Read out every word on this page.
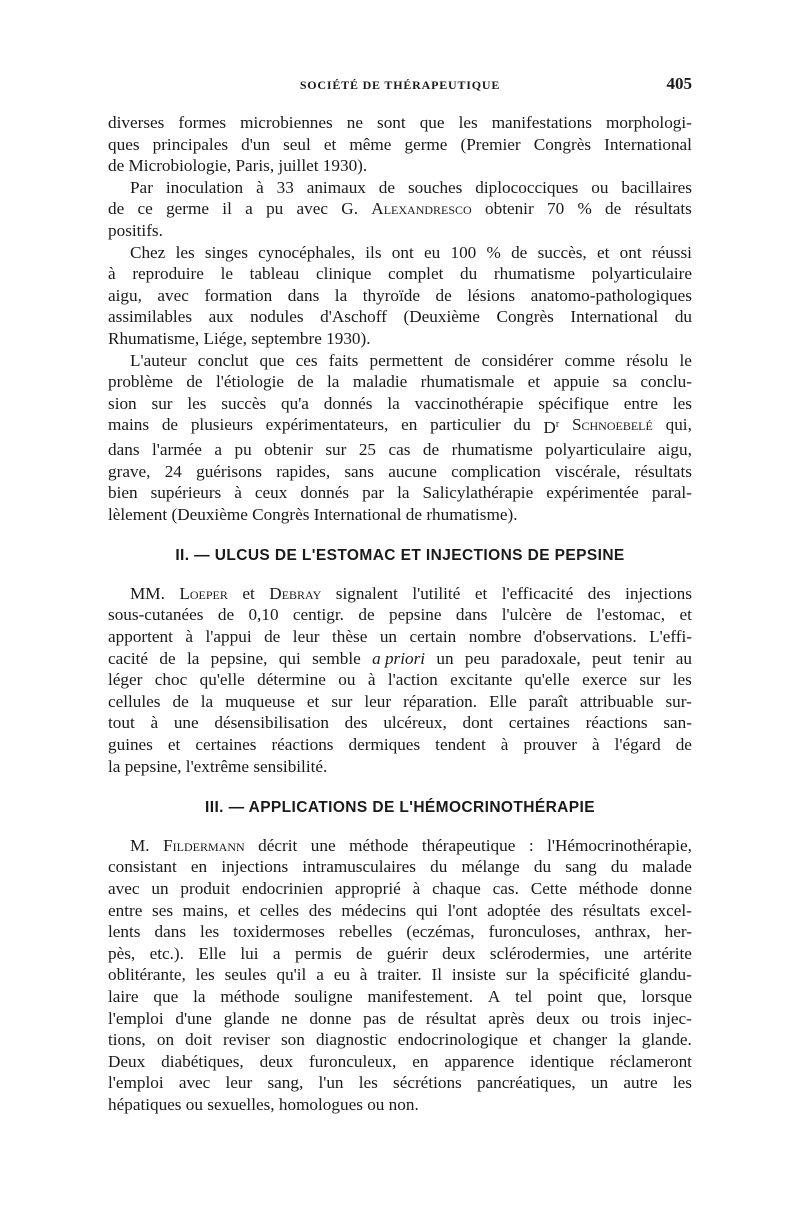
SOCIÉTÉ DE THÉRAPEUTIQUE	405
diverses formes microbiennes ne sont que les manifestations morphologi-
ques principales d'un seul et même germe (Premier Congrès International
de Microbiologie, Paris, juillet 1930).
Par inoculation à 33 animaux de souches diplococciques ou bacillaires
de ce germe il a pu avec G. Alexandresco obtenir 70 % de résultats
positifs.
Chez les singes cynocéphales, ils ont eu 100 % de succès, et ont réussi
à reproduire le tableau clinique complet du rhumatisme polyarticulaire
aigu, avec formation dans la thyroïde de lésions anatomo-pathologiques
assimilables aux nodules d'Aschoff (Deuxième Congrès International du
Rhumatisme, Liége, septembre 1930).
L'auteur conclut que ces faits permettent de considérer comme résolu le
problème de l'étiologie de la maladie rhumatismale et appuie sa conclu-
sion sur les succès qu'a donnés la vaccinothérapie spécifique entre les
mains de plusieurs expérimentateurs, en particulier du $D^r$ Schnoebelé qui,
dans l'armée a pu obtenir sur 25 cas de rhumatisme polyarticulaire aigu,
grave, 24 guérisons rapides, sans aucune complication viscérale, résultats
bien supérieurs à ceux donnés par la Salicylathérapie expérimentée paral-
lèlement (Deuxième Congrès International de rhumatisme).
II. — ULCUS DE L'ESTOMAC ET INJECTIONS DE PEPSINE
MM. Loeper et Debray signalent l'utilité et l'efficacité des injections
sous-cutanées de 0,10 centigr. de pepsine dans l'ulcère de l'estomac, et
apportent à l'appui de leur thèse un certain nombre d'observations. L'effi-
cacité de la pepsine, qui semble a priori un peu paradoxale, peut tenir au
léger choc qu'elle détermine ou à l'action excitante qu'elle exerce sur les
cellules de la muqueuse et sur leur réparation. Elle paraît attribuable sur-
tout à une désensibilisation des ulcéreux, dont certaines réactions san-
guines et certaines réactions dermiques tendent à prouver à l'égard de
la pepsine, l'extrême sensibilité.
III. — APPLICATIONS DE L'HÉMOCRINOTHÉRAPIE
M. Fildermann décrit une méthode thérapeutique : l'Hémocrinothérapie,
consistant en injections intramusculaires du mélange du sang du malade
avec un produit endocrinien approprié à chaque cas. Cette méthode donne
entre ses mains, et celles des médecins qui l'ont adoptée des résultats excel-
lents dans les toxidermoses rebelles (eczémas, furonculoses, anthrax, her-
pès, etc.). Elle lui a permis de guérir deux sclérodermies, une artérite
oblitérante, les seules qu'il a eu à traiter. Il insiste sur la spécificité glandu-
laire que la méthode souligne manifestement. A tel point que, lorsque
l'emploi d'une glande ne donne pas de résultat après deux ou trois injec-
tions, on doit reviser son diagnostic endocrinologique et changer la glande.
Deux diabétiques, deux furonculeux, en apparence identique réclameront
l'emploi avec leur sang, l'un les sécrétions pancréatiques, un autre les
hépatiques ou sexuelles, homologues ou non.
